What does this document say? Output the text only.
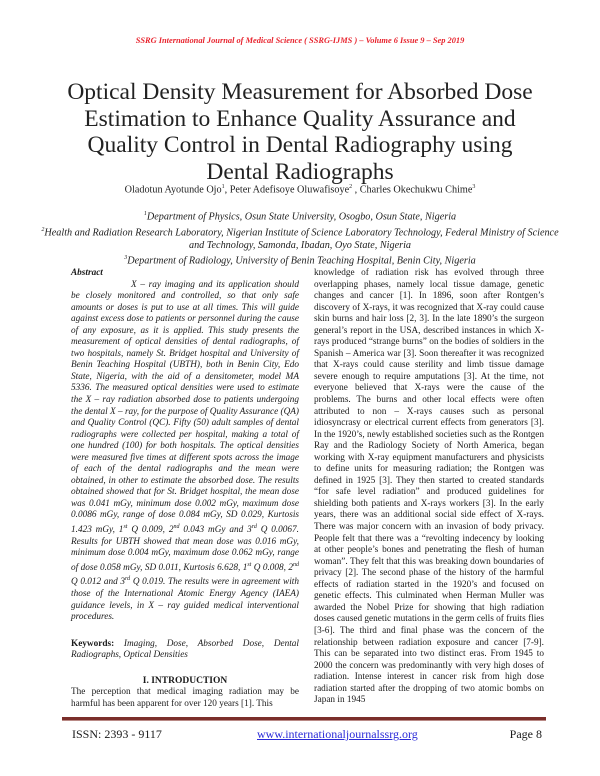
SSRG International Journal of Medical Science ( SSRG-IJMS ) – Volume 6 Issue 9 – Sep 2019
Optical Density Measurement for Absorbed Dose Estimation to Enhance Quality Assurance and Quality Control in Dental Radiography using Dental Radiographs
Oladotun Ayotunde Ojo$^1$, Peter Adefisoye Oluwafisoye$^2$ , Charles Okechukwu Chime$^3$
$^1$Department of Physics, Osun State University, Osogbo, Osun State, Nigeria
$^2$Health and Radiation Research Laboratory, Nigerian Institute of Science Laboratory Technology, Federal Ministry of Science and Technology, Samonda, Ibadan, Oyo State, Nigeria
$^3$Department of Radiology, University of Benin Teaching Hospital, Benin City, Nigeria
Abstract

X – ray imaging and its application should be closely monitored and controlled, so that only safe amounts or doses is put to use at all times. This will guide against excess dose to patients or personnel during the cause of any exposure, as it is applied. This study presents the measurement of optical densities of dental radiographs, of two hospitals, namely St. Bridget hospital and University of Benin Teaching Hospital (UBTH), both in Benin City, Edo State, Nigeria, with the aid of a densitometer, model MA 5336. The measured optical densities were used to estimate the X – ray radiation absorbed dose to patients undergoing the dental X – ray, for the purpose of Quality Assurance (QA) and Quality Control (QC). Fifty (50) adult samples of dental radiographs were collected per hospital, making a total of one hundred (100) for both hospitals. The optical densities were measured five times at different spots across the image of each of the dental radiographs and the mean were obtained, in other to estimate the absorbed dose. The results obtained showed that for St. Bridget hospital, the mean dose was 0.041 mGy, minimum dose 0.002 mGy, maximum dose 0.0086 mGy, range of dose 0.084 mGy, SD 0.029, Kurtosis 1.423 mGy, 1st Q 0.009, 2nd 0.043 mGy and 3rd Q 0.0067. Results for UBTH showed that mean dose was 0.016 mGy, minimum dose 0.004 mGy, maximum dose 0.062 mGy, range of dose 0.058 mGy, SD 0.011, Kurtosis 6.628, 1st Q 0.008, 2nd Q 0.012 and 3rd Q 0.019. The results were in agreement with those of the International Atomic Energy Agency (IAEA) guidance levels, in X – ray guided medical interventional procedures.

Keywords: Imaging, Dose, Absorbed Dose, Dental Radiographs, Optical Densities
I. INTRODUCTION

The perception that medical imaging radiation may be harmful has been apparent for over 120 years [1]. This

knowledge of radiation risk has evolved through three overlapping phases, namely local tissue damage, genetic changes and cancer [1]. In 1896, soon after Rontgen’s discovery of X-rays, it was recognized that X-ray could cause skin burns and hair loss [2, 3]. In the late 1890’s the surgeon general’s report in the USA, described instances in which X-rays produced “strange burns” on the bodies of soldiers in the Spanish – America war [3]. Soon thereafter it was recognized that X-rays could cause sterility and limb tissue damage severe enough to require amputations [3]. At the time, not everyone believed that X-rays were the cause of the problems. The burns and other local effects were often attributed to non – X-rays causes such as personal idiosyncrasy or electrical current effects from generators [3]. In the 1920’s, newly established societies such as the Rontgen Ray and the Radiology Society of North America, began working with X-ray equipment manufacturers and physicists to define units for measuring radiation; the Rontgen was defined in 1925 [3]. They then started to created standards “for safe level radiation” and produced guidelines for shielding both patients and X-rays workers [3]. In the early years, there was an additional social side effect of X-rays. There was major concern with an invasion of body privacy. People felt that there was a “revolting indecency by looking at other people’s bones and penetrating the flesh of human woman”. They felt that this was breaking down boundaries of privacy [2]. The second phase of the history of the harmful effects of radiation started in the 1920’s and focused on genetic effects. This culminated when Herman Muller was awarded the Nobel Prize for showing that high radiation doses caused genetic mutations in the germ cells of fruits flies [3-6]. The third and final phase was the concern of the relationship between radiation exposure and cancer [7-9]. This can be separated into two distinct eras. From 1945 to 2000 the concern was predominantly with very high doses of radiation. Intense interest in cancer risk from high dose radiation started after the dropping of two atomic bombs on Japan in 1945

ISSN: 2393 - 9117	www.internationaljournalssrg.org	Page 8
